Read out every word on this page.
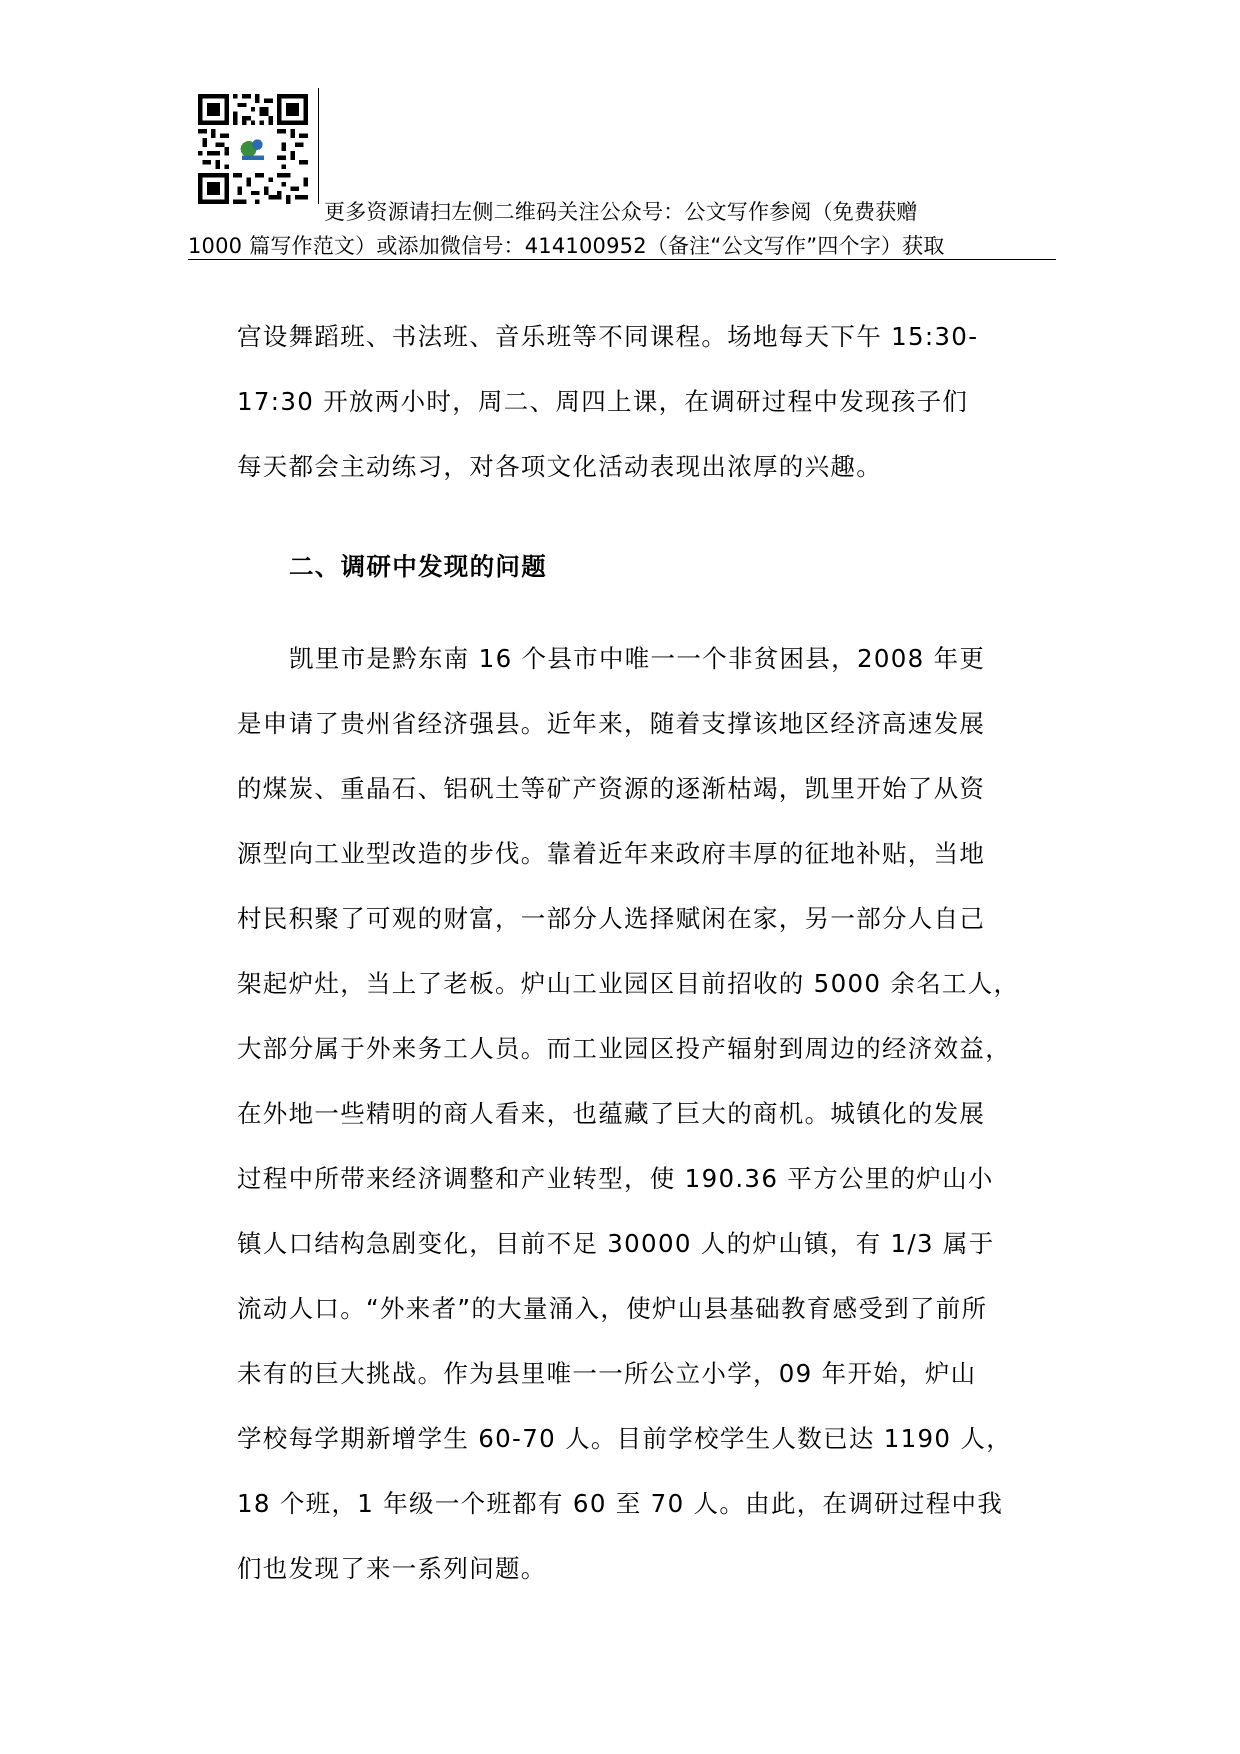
更多资源请扫左侧二维码关注公众号：公文写作参阅（免费获赠
1000 篇写作范文）或添加微信号：414100952（备注“公文写作”四个字）获取
宫设舞蹈班、书法班、音乐班等不同课程。场地每天下午 15:30-
17:30 开放两小时，周二、周四上课，在调研过程中发现孩子们
每天都会主动练习，对各项文化活动表现出浓厚的兴趣。
二、调研中发现的问题
凯里市是黔东南 16 个县市中唯一一个非贫困县，2008 年更
是申请了贵州省经济强县。近年来，随着支撑该地区经济高速发展
的煤炭、重晶石、铝矾土等矿产资源的逐渐枯竭，凯里开始了从资
源型向工业型改造的步伐。靠着近年来政府丰厚的征地补贴，当地
村民积聚了可观的财富，一部分人选择赋闲在家，另一部分人自己
架起炉灶，当上了老板。炉山工业园区目前招收的 5000 余名工人，
大部分属于外来务工人员。而工业园区投产辐射到周边的经济效益，
在外地一些精明的商人看来，也蕴藏了巨大的商机。城镇化的发展
过程中所带来经济调整和产业转型，使 190.36 平方公里的炉山小
镇人口结构急剧变化，目前不足 30000 人的炉山镇，有 1/3 属于
流动人口。“外来者”的大量涌入，使炉山县基础教育感受到了前所
未有的巨大挑战。作为县里唯一一所公立小学，09 年开始，炉山
学校每学期新增学生 60-70 人。目前学校学生人数已达 1190 人，
18 个班，1 年级一个班都有 60 至 70 人。由此，在调研过程中我
们也发现了来一系列问题。
